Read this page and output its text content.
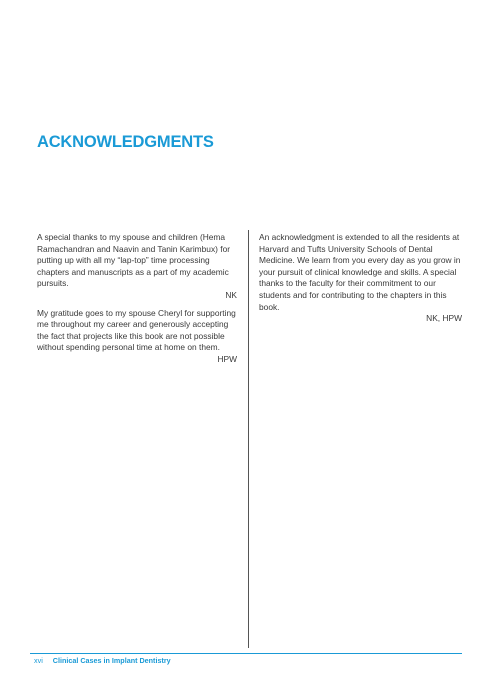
ACKNOWLEDGMENTS

A special thanks to my spouse and children (Hema Ramachandran and Naavin and Tanin Karimbux) for putting up with all my “lap-top” time processing chapters and manuscripts as a part of my academic pursuits.

NK

My gratitude goes to my spouse Cheryl for supporting me throughout my career and generously accepting the fact that projects like this book are not possible without spending personal time at home on them.

HPW

An acknowledgment is extended to all the residents at Harvard and Tufts University Schools of Dental Medicine. We learn from you every day as you grow in your pursuit of clinical knowledge and skills. A special thanks to the faculty for their commitment to our students and for contributing to the chapters in this book.

NK, HPW

xvi Clinical Cases in Implant Dentistry
